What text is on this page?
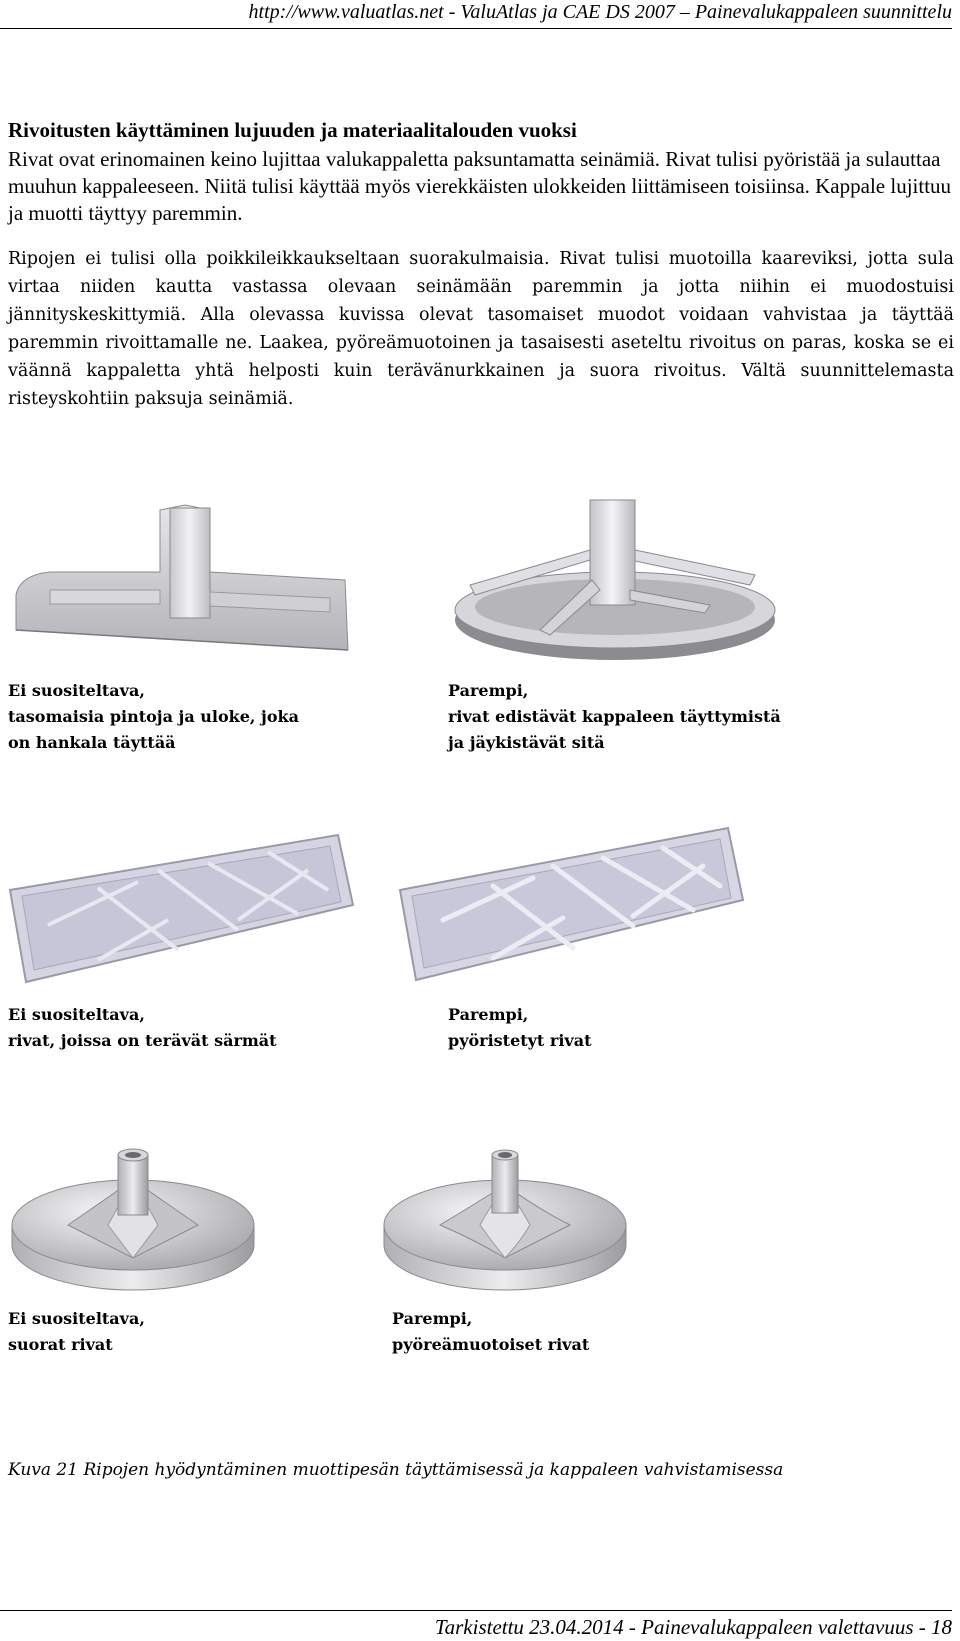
http://www.valuatlas.net - ValuAtlas ja CAE DS 2007 – Painevalukappaleen suunnittelu
Rivoitusten käyttäminen lujuuden ja materiaalitalouden vuoksi
Rivat ovat erinomainen keino lujittaa valukappaletta paksuntamatta seinämiä. Rivat tulisi pyöristää ja sulauttaa muuhun kappaleeseen. Niitä tulisi käyttää myös vierekkäisten ulokkeiden liittämiseen toisiinsa. Kappale lujittuu ja muotti täyttyy paremmin.
Ripojen ei tulisi olla poikkileikkaukseltaan suorakulmaisia. Rivat tulisi muotoilla kaareviksi, jotta sula virtaa niiden kautta vastassa olevaan seinämään paremmin ja jotta niihin ei muodostuisi jännityskeskittymiä. Alla olevassa kuvissa olevat tasomaiset muodot voidaan vahvistaa ja täyttää paremmin rivoittamalle ne. Laakea, pyöreämuotoinen ja tasaisesti aseteltu rivoitus on paras, koska se ei väännä kappaletta yhtä helposti kuin terävänurkkainen ja suora rivoitus. Vältä suunnittelemasta risteyskohtiin paksuja seinämiä.
Ei suositeltava,
tasomaisia pintoja ja uloke, joka
on hankala täyttää
Parempi,
rivat edistävät kappaleen täyttymistä
ja jäykistävät sitä
Ei suositeltava,
rivat, joissa on terävät särmät
Parempi,
pyöristetyt rivat
Ei suositeltava,
suorat rivat
Parempi,
pyöreämuotoiset rivat
Kuva 21 Ripojen hyödyntäminen muottipesän täyttämisessä ja kappaleen vahvistamisessa
Tarkistettu 23.04.2014 - Painevalukappaleen valettavuus - 18
